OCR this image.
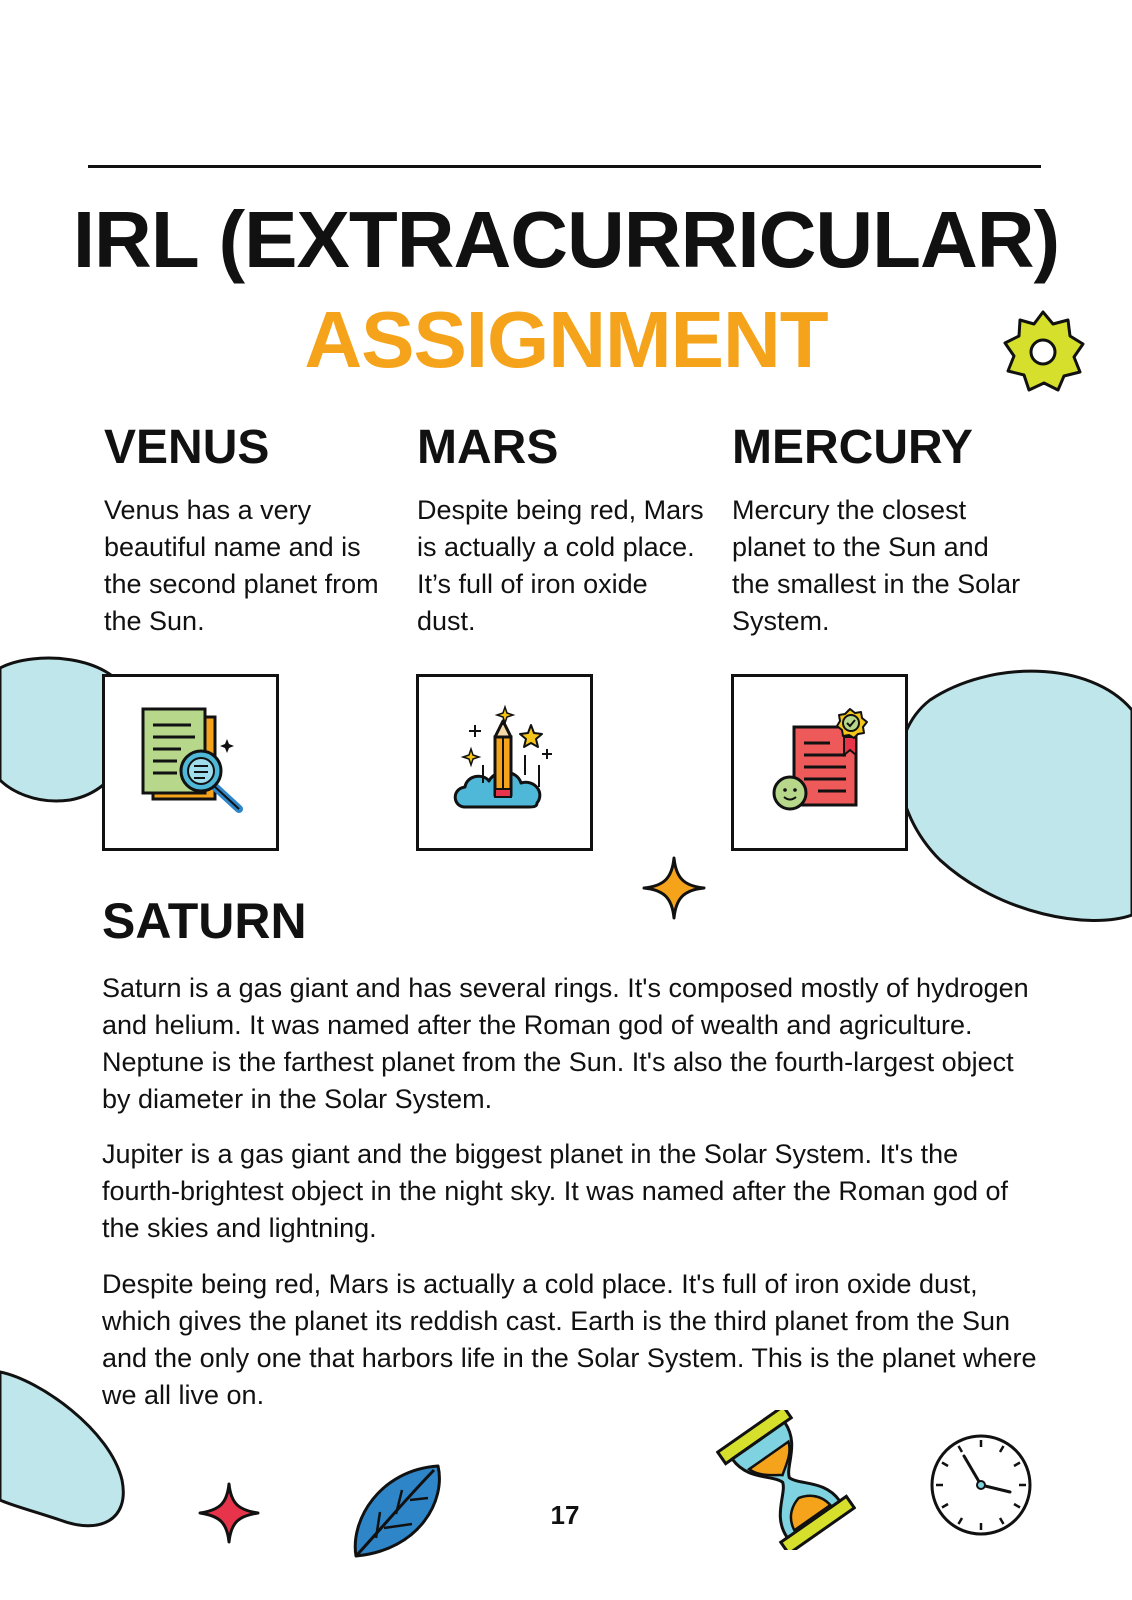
IRL (EXTRACURRICULAR)
ASSIGNMENT
VENUS
Venus has a very beautiful name and is the second planet from the Sun.
MARS
Despite being red, Mars is actually a cold place. It’s full of iron oxide dust.
MERCURY
Mercury the closest planet to the Sun and the smallest in the Solar System.
SATURN

Saturn is a gas giant and has several rings. It's composed mostly of hydrogen and helium. It was named after the Roman god of wealth and agriculture. Neptune is the farthest planet from the Sun. It's also the fourth-largest object by diameter in the Solar System.

Jupiter is a gas giant and the biggest planet in the Solar System. It's the fourth-brightest object in the night sky. It was named after the Roman god of the skies and lightning.

Despite being red, Mars is actually a cold place. It's full of iron oxide dust, which gives the planet its reddish cast. Earth is the third planet from the Sun and the only one that harbors life in the Solar System. This is the planet where we all live on.

17
